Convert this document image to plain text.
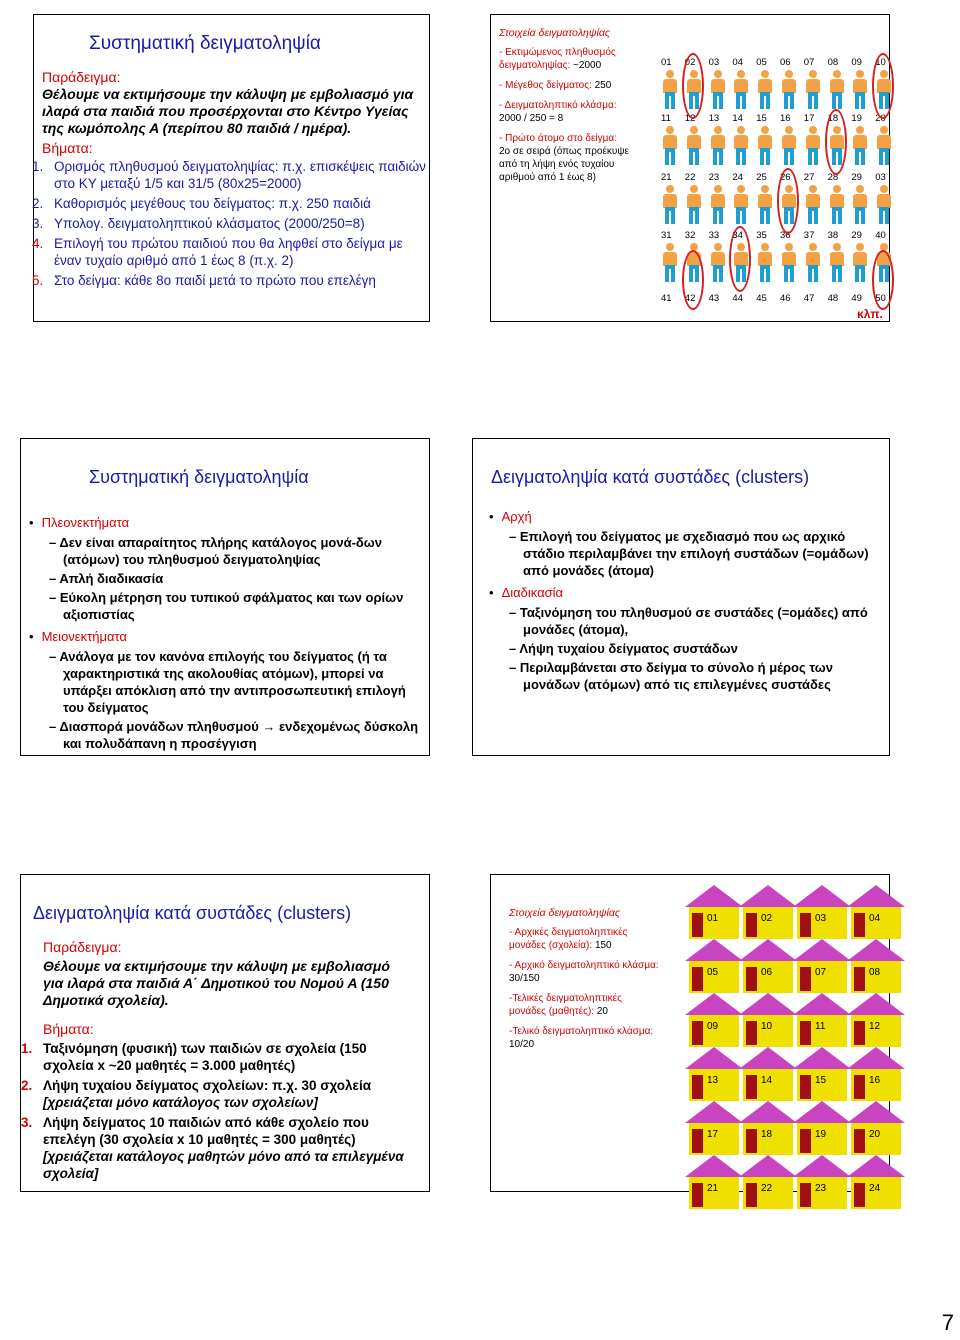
Συστηματική δειγματοληψία
Παράδειγμα:
Θέλουμε να εκτιμήσουμε την κάλυψη με εμβολιασμό για ιλαρά στα παιδιά που προσέρχονται στο Κέντρο Υγείας της κωμόπολης Α (περίπου 80 παιδιά / ημέρα).
Βήματα:
1. Ορισμός πληθυσμού δειγματοληψίας: π.χ. επισκέψεις παιδιών στο ΚΥ μεταξύ 1/5 και 31/5 (80x25=2000)
2. Καθορισμός μεγέθους του δείγματος: π.χ. 250 παιδιά
3. Υπολογ. δειγματοληπτικού κλάσματος (2000/250=8)
4. Επιλογή του πρώτου παιδιού που θα ληφθεί στο δείγμα με έναν τυχαίο αριθμό από 1 έως 8 (π.χ. 2)
5. Στο δείγμα: κάθε 8ο παιδί μετά το πρώτο που επελέγη
Στοιχεία δειγματοληψίας
- Εκτιμώμενος πληθυσμός δειγματοληψίας: ~2000
- Μέγεθος δείγματος: 250
- Δειγματοληπτικό κλάσμα:
2000 / 250 = 8
- Πρώτο άτομο στο δείγμα:
2ο σε σειρά (όπως προέκυψε από τη λήψη ενός τυχαίου αριθμού από 1 έως 8)
01 02 03 04 05 06 07 08 09 10
11 12 13 14 15 16 17 18 19 20
21 22 23 24 25 26 27 28 29 03
31 32 33 34 35 36 37 38 29 40
41 42 43 44 45 46 47 48 49 50
κλπ.
Συστηματική δειγματοληψία
• Πλεονεκτήματα
– Δεν είναι απαραίτητος πλήρης κατάλογος μονά-δων (ατόμων) του πληθυσμού δειγματοληψίας
– Απλή διαδικασία
– Εύκολη μέτρηση του τυπικού σφάλματος και των ορίων αξιοπιστίας
• Μειονεκτήματα
– Ανάλογα με τον κανόνα επιλογής του δείγματος (ή τα χαρακτηριστικά της ακολουθίας ατόμων), μπορεί να υπάρξει απόκλιση από την αντιπροσωπευτική επιλογή του δείγματος
– Διασπορά μονάδων πληθυσμού → ενδεχομένως δύσκολη και πολυδάπανη η προσέγγιση
Δειγματοληψία κατά συστάδες (clusters)
• Αρχή
– Επιλογή του δείγματος με σχεδιασμό που ως αρχικό στάδιο περιλαμβάνει την επιλογή συστάδων (=ομάδων) από μονάδες (άτομα)
• Διαδικασία
– Ταξινόμηση του πληθυσμού σε συστάδες (=ομάδες) από μονάδες (άτομα),
– Λήψη τυχαίου δείγματος συστάδων
– Περιλαμβάνεται στο δείγμα το σύνολο ή μέρος των μονάδων (ατόμων) από τις επιλεγμένες συστάδες
Δειγματοληψία κατά συστάδες (clusters)
Παράδειγμα:
Θέλουμε να εκτιμήσουμε την κάλυψη με εμβολιασμό για ιλαρά στα παιδιά Α΄ Δημοτικού του Νομού Α (150 Δημοτικά σχολεία).
Βήματα:
1. Ταξινόμηση (φυσική) των παιδιών σε σχολεία (150 σχολεία x ~20 μαθητές = 3.000 μαθητές)
2. Λήψη τυχαίου δείγματος σχολείων: π.χ. 30 σχολεία
[χρειάζεται μόνο κατάλογος των σχολείων]
3. Λήψη δείγματος 10 παιδιών από κάθε σχολείο που επελέγη (30 σχολεία x 10 μαθητές = 300 μαθητές)
[χρειάζεται κατάλογος μαθητών μόνο από τα επιλεγμένα σχολεία]
Στοιχεία δειγματοληψίας
- Αρχικές δειγματοληπτικές μονάδες (σχολεία): 150
- Αρχικό δειγματοληπτικό κλάσμα: 30/150
-Τελικές δειγματοληπτικές μονάδες (μαθητές): 20
-Τελικό δειγματοληπτικό κλάσμα: 10/20
01	02	03	04
05	06	07	08
09	10	11	12
13	14	15	16
17	18	19	20
21	22	23	24
7
